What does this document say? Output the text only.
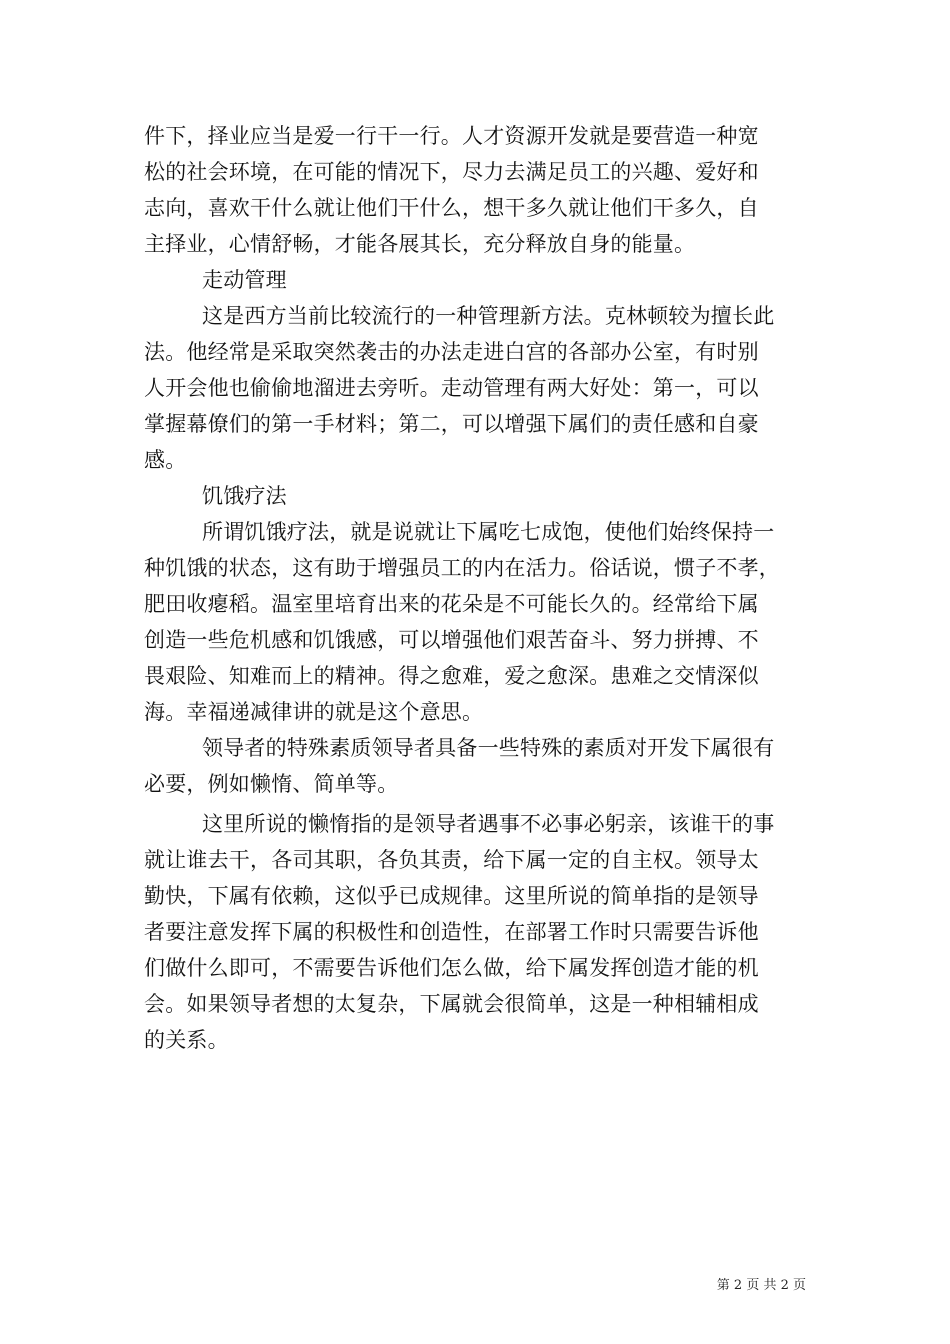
件下，择业应当是爱一行干一行。人才资源开发就是要营造一种宽

松的社会环境，在可能的情况下，尽力去满足员工的兴趣、爱好和

志向，喜欢干什么就让他们干什么，想干多久就让他们干多久，自

主择业，心情舒畅，才能各展其长，充分释放自身的能量。

走动管理

这是西方当前比较流行的一种管理新方法。克林顿较为擅长此

法。他经常是采取突然袭击的办法走进白宫的各部办公室，有时别

人开会他也偷偷地溜进去旁听。走动管理有两大好处：第一，可以

掌握幕僚们的第一手材料；第二，可以增强下属们的责任感和自豪

感。

饥饿疗法

所谓饥饿疗法，就是说就让下属吃七成饱，使他们始终保持一

种饥饿的状态，这有助于增强员工的内在活力。俗话说，惯子不孝，

肥田收瘪稻。温室里培育出来的花朵是不可能长久的。经常给下属

创造一些危机感和饥饿感，可以增强他们艰苦奋斗、努力拼搏、不

畏艰险、知难而上的精神。得之愈难，爱之愈深。患难之交情深似

海。幸福递减律讲的就是这个意思。

领导者的特殊素质领导者具备一些特殊的素质对开发下属很有

必要，例如懒惰、简单等。

这里所说的懒惰指的是领导者遇事不必事必躬亲，该谁干的事

就让谁去干，各司其职，各负其责，给下属一定的自主权。领导太

勤快，下属有依赖，这似乎已成规律。这里所说的简单指的是领导

者要注意发挥下属的积极性和创造性，在部署工作时只需要告诉他

们做什么即可，不需要告诉他们怎么做，给下属发挥创造才能的机

会。如果领导者想的太复杂，下属就会很简单，这是一种相辅相成

的关系。

第 2 页 共 2 页
